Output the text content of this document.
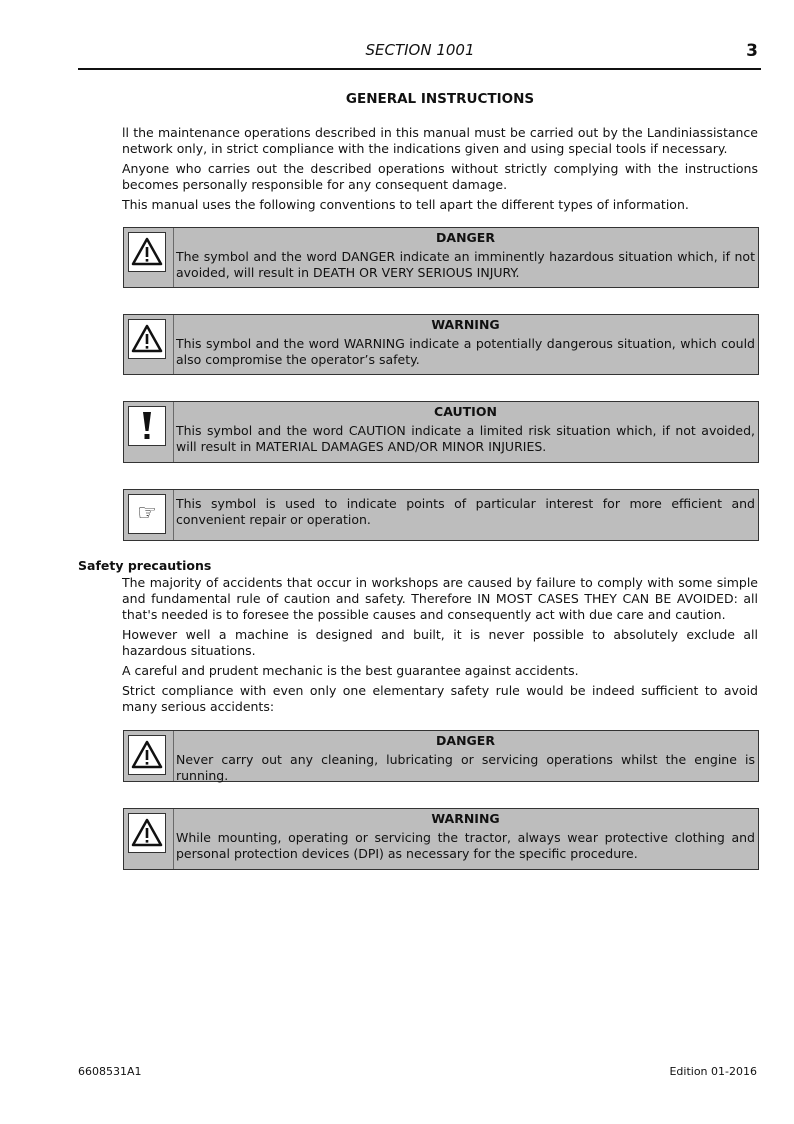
SECTION 1001	3
GENERAL INSTRUCTIONS

ll the maintenance operations described in this manual must be carried out by the Landiniassistance network only, in strict compliance with the indications given and using special tools if necessary.

Anyone who carries out the described operations without strictly complying with the instructions becomes personally responsible for any consequent damage.

This manual uses the following conventions to tell apart the different types of information.

DANGER
The symbol and the word DANGER indicate an imminently hazardous situation which, if not avoided, will result in DEATH OR VERY SERIOUS INJURY.
WARNING
This symbol and the word WARNING indicate a potentially dangerous situation, which could also compromise the operator’s safety.
CAUTION
This symbol and the word CAUTION indicate a limited risk situation which, if not avoided, will result in MATERIAL DAMAGES AND/OR MINOR INJURIES.
☞	This symbol is used to indicate points of particular interest for more efficient and convenient repair or operation.
Safety precautions

The majority of accidents that occur in workshops are caused by failure to comply with some simple and fundamental rule of caution and safety. Therefore IN MOST CASES THEY CAN BE AVOIDED: all that's needed is to foresee the possible causes and consequently act with due care and caution.

However well a machine is designed and built, it is never possible to absolutely exclude all hazardous situations.

A careful and prudent mechanic is the best guarantee against accidents.

Strict compliance with even only one elementary safety rule would be indeed sufficient to avoid many serious accidents:

DANGER
Never carry out any cleaning, lubricating or servicing operations whilst the engine is running.
WARNING
While mounting, operating or servicing the tractor, always wear protective clothing and personal protection devices (DPI) as necessary for the specific procedure.
6608531A1	Edition 01-2016
